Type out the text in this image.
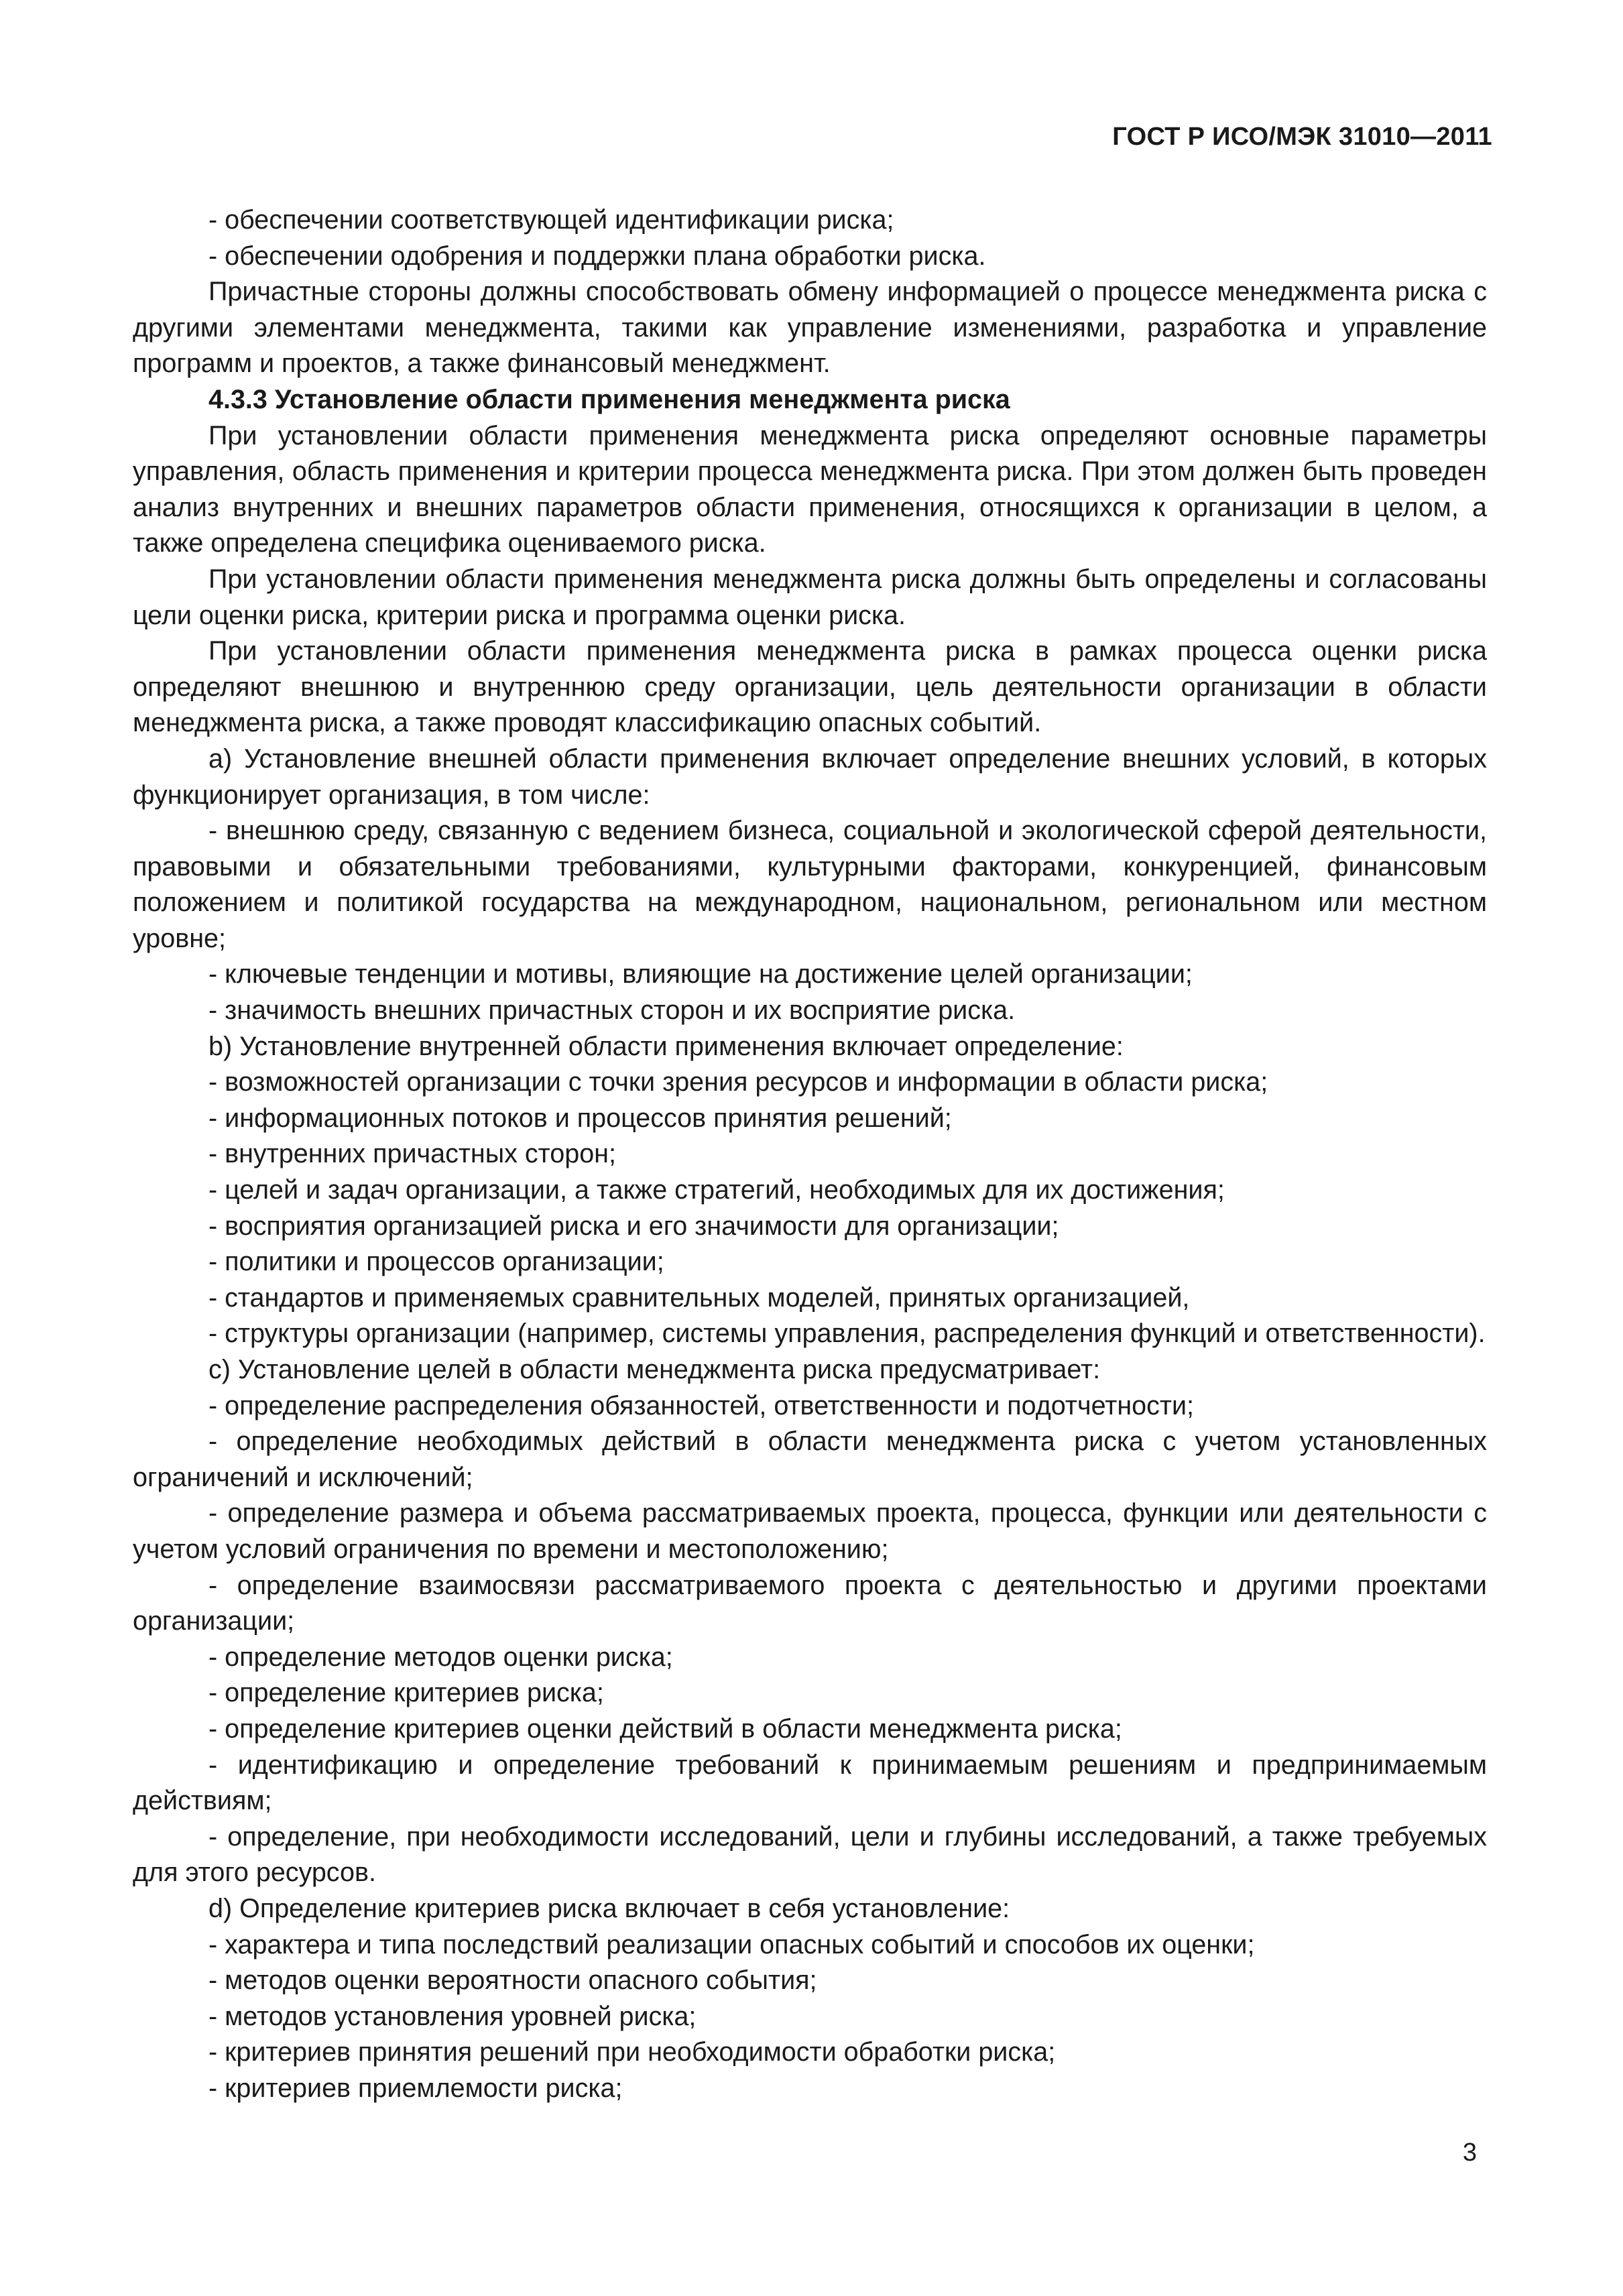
ГОСТ Р ИСО/МЭК 31010—2011

- обеспечении соответствующей идентификации риска;

- обеспечении одобрения и поддержки плана обработки риска.

Причастные стороны должны способствовать обмену информацией о процессе менеджмента риска с другими элементами менеджмента, такими как управление изменениями, разработка и управление программ и проектов, а также финансовый менеджмент.

4.3.3 Установление области применения менеджмента риска

При установлении области применения менеджмента риска определяют основные параметры управления, область применения и критерии процесса менеджмента риска. При этом должен быть проведен анализ внутренних и внешних параметров области применения, относящихся к организации в целом, а также определена специфика оцениваемого риска.

При установлении области применения менеджмента риска должны быть определены и согласованы цели оценки риска, критерии риска и программа оценки риска.

При установлении области применения менеджмента риска в рамках процесса оценки риска определяют внешнюю и внутреннюю среду организации, цель деятельности организации в области менеджмента риска, а также проводят классификацию опасных событий.

a) Установление внешней области применения включает определение внешних условий, в которых функционирует организация, в том числе:

- внешнюю среду, связанную с ведением бизнеса, социальной и экологической сферой деятельности, правовыми и обязательными требованиями, культурными факторами, конкуренцией, финансовым положением и политикой государства на международном, национальном, региональном или местном уровне;

- ключевые тенденции и мотивы, влияющие на достижение целей организации;

- значимость внешних причастных сторон и их восприятие риска.

b) Установление внутренней области применения включает определение:

- возможностей организации с точки зрения ресурсов и информации в области риска;

- информационных потоков и процессов принятия решений;

- внутренних причастных сторон;

- целей и задач организации, а также стратегий, необходимых для их достижения;

- восприятия организацией риска и его значимости для организации;

- политики и процессов организации;

- стандартов и применяемых сравнительных моделей, принятых организацией,

- структуры организации (например, системы управления, распределения функций и ответственности).

c) Установление целей в области менеджмента риска предусматривает:

- определение распределения обязанностей, ответственности и подотчетности;

- определение необходимых действий в области менеджмента риска с учетом установленных ограничений и исключений;

- определение размера и объема рассматриваемых проекта, процесса, функции или деятельности с учетом условий ограничения по времени и местоположению;

- определение взаимосвязи рассматриваемого проекта с деятельностью и другими проектами организации;

- определение методов оценки риска;

- определение критериев риска;

- определение критериев оценки действий в области менеджмента риска;

- идентификацию и определение требований к принимаемым решениям и предпринимаемым действиям;

- определение, при необходимости исследований, цели и глубины исследований, а также требуемых для этого ресурсов.

d) Определение критериев риска включает в себя установление:

- характера и типа последствий реализации опасных событий и способов их оценки;

- методов оценки вероятности опасного события;

- методов установления уровней риска;

- критериев принятия решений при необходимости обработки риска;

- критериев приемлемости риска;

3
